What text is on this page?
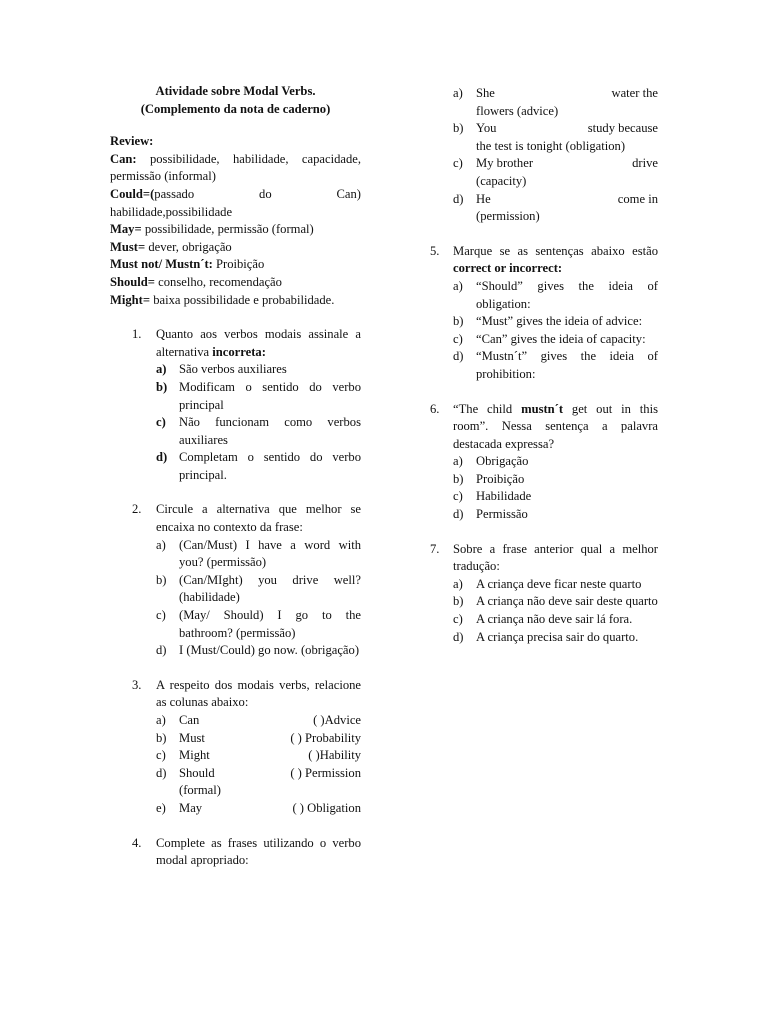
Atividade sobre Modal Verbs.
(Complemento da nota de caderno)

Review:

Can: possibilidade, habilidade, capacidade, permissão (informal)

Could=(passado do Can) habilidade,possibilidade

May= possibilidade, permissão (formal)

Must= dever, obrigação

Must not/ Mustn´t: Proibição

Should= conselho, recomendação

Might= baixa possibilidade e probabilidade.

1. Quanto aos verbos modais assinale a alternativa incorreta:
a) São verbos auxiliares
b) Modificam o sentido do verbo principal
c) Não funcionam como verbos auxiliares
d) Completam o sentido do verbo principal.
2. Circule a alternativa que melhor se encaixa no contexto da frase:
a) (Can/Must) I have a word with you? (permissão)
b) (Can/MIght) you drive well? (habilidade)
c) (May/ Should) I go to the bathroom? (permissão)
d) I (Must/Could) go now. (obrigação)
3. A respeito dos modais verbs, relacione as colunas abaixo:
a) Can	( )Advice
b) Must	( ) Probability
c) Might	( )Hability
d) Should	( ) Permission
(formal)
e) May	( ) Obligation
4. Complete as frases utilizando o verbo modal apropriado:
a) She	water the
flowers (advice)
b) You	study because
the test is tonight (obligation)
c) My brother	drive
(capacity)
d) He	come in
(permission)
5. Marque se as sentenças abaixo estão correct or incorrect:
a) “Should” gives the ideia of obligation:
b) “Must” gives the ideia of advice:
c) “Can” gives the ideia of capacity:
d) “Mustn´t” gives the ideia of prohibition:
6. “The child mustn´t get out in this room”. Nessa sentença a palavra destacada expressa?
a) Obrigação
b) Proibição
c) Habilidade
d) Permissão
7. Sobre a frase anterior qual a melhor tradução:
a) A criança deve ficar neste quarto
b) A criança não deve sair deste quarto
c) A criança não deve sair lá fora.
d) A criança precisa sair do quarto.
